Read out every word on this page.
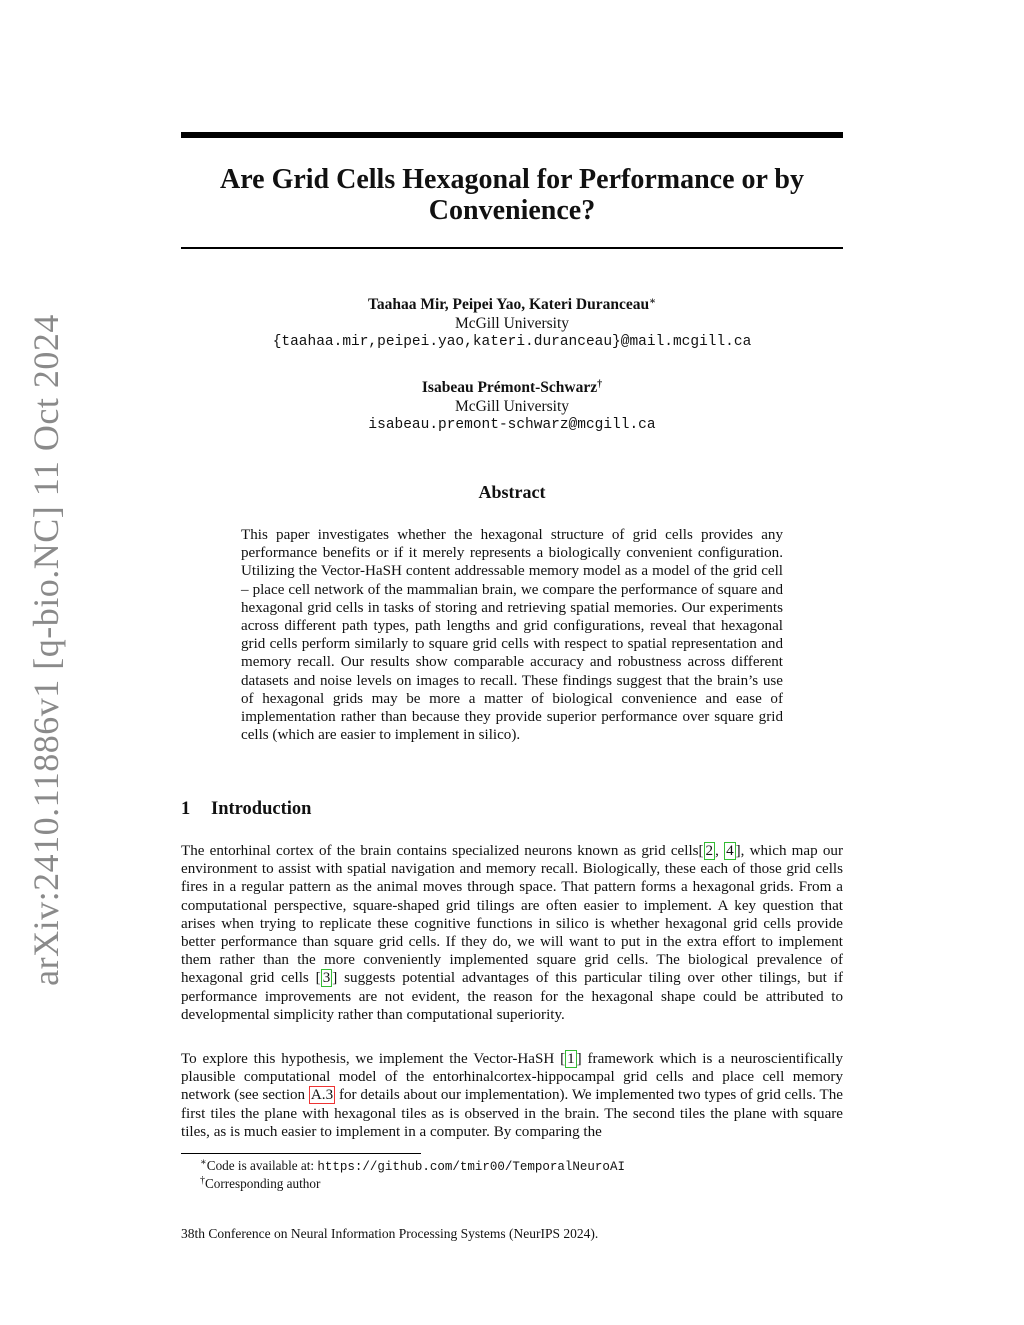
arXiv:2410.11886v1 [q-bio.NC] 11 Oct 2024
Are Grid Cells Hexagonal for Performance or by
Convenience?
Taahaa Mir, Peipei Yao, Kateri Duranceau∗
McGill University
{taahaa.mir,peipei.yao,kateri.duranceau}@mail.mcgill.ca
Isabeau Prémont-Schwarz†
McGill University
isabeau.premont-schwarz@mcgill.ca
Abstract

This paper investigates whether the hexagonal structure of grid cells provides any performance benefits or if it merely represents a biologically convenient configuration. Utilizing the Vector-HaSH content addressable memory model as a model of the grid cell – place cell network of the mammalian brain, we compare the performance of square and hexagonal grid cells in tasks of storing and retrieving spatial memories. Our experiments across different path types, path lengths and grid configurations, reveal that hexagonal grid cells perform similarly to square grid cells with respect to spatial representation and memory recall. Our results show comparable accuracy and robustness across different datasets and noise levels on images to recall. These findings suggest that the brain’s use of hexagonal grids may be more a matter of biological convenience and ease of implementation rather than because they provide superior performance over square grid cells (which are easier to implement in silico).

1 Introduction

The entorhinal cortex of the brain contains specialized neurons known as grid cells[ 2 , 4 ], which map our environment to assist with spatial navigation and memory recall. Biologically, these each of those grid cells fires in a regular pattern as the animal moves through space. That pattern forms a hexagonal grids. From a computational perspective, square-shaped grid tilings are often easier to implement. A key question that arises when trying to replicate these cognitive functions in silico is whether hexagonal grid cells provide better performance than square grid cells. If they do, we will want to put in the extra effort to implement them rather than the more conveniently implemented square grid cells. The biological prevalence of hexagonal grid cells [ 3 ] suggests potential advantages of this particular tiling over other tilings, but if performance improvements are not evident, the reason for the hexagonal shape could be attributed to developmental simplicity rather than computational superiority.

To explore this hypothesis, we implement the Vector-HaSH [ 1 ] framework which is a neuroscientifically plausible computational model of the entorhinalcortex-hippocampal grid cells and place cell memory network (see section A.3 for details about our implementation). We implemented two types of grid cells. The first tiles the plane with hexagonal tiles as is observed in the brain. The second tiles the plane with square tiles, as is much easier to implement in a computer. By comparing the

∗Code is available at: https://github.com/tmir00/TemporalNeuroAI

†Corresponding author

38th Conference on Neural Information Processing Systems (NeurIPS 2024).
